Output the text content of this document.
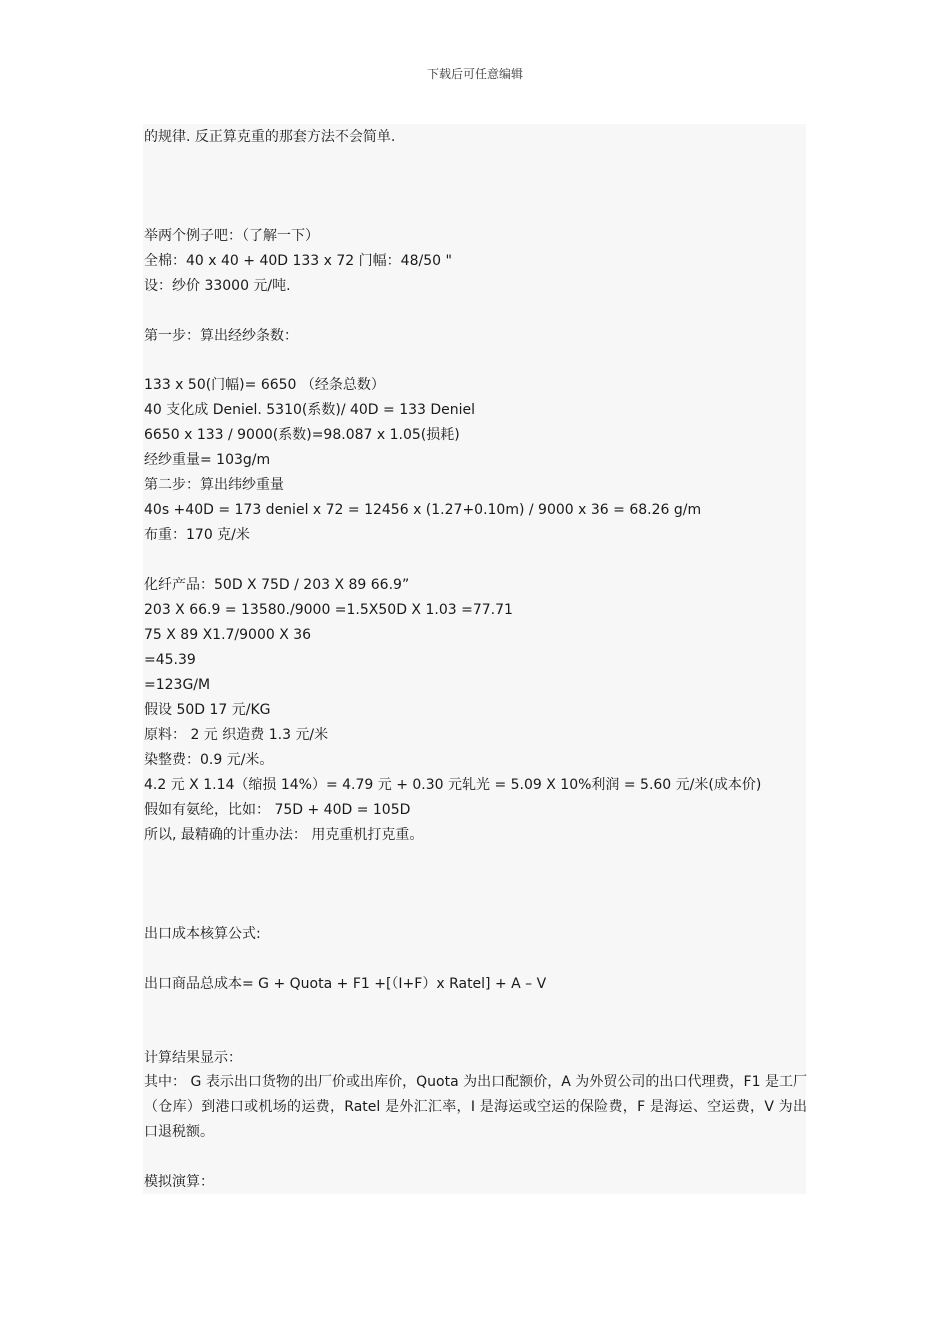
下载后可任意编辑
的规律. 反正算克重的那套方法不会简单.
举两个例子吧：（了解一下）
全棉：40 x 40 + 40D 133 x 72 门幅：48/50 "
设：纱价 33000 元/吨.
第一步：算出经纱条数：
133 x 50(门幅)= 6650 （经条总数）
40 支化成 Deniel. 5310(系数)/ 40D = 133 Deniel
6650 x 133 / 9000(系数)=98.087 x 1.05(损耗)
经纱重量= 103g/m
第二步：算出纬纱重量
40s +40D = 173 deniel x 72 = 12456 x (1.27+0.10m) / 9000 x 36 = 68.26 g/m
布重：170 克/米
化纤产品：50D X 75D / 203 X 89 66.9”
203 X 66.9 = 13580./9000 =1.5X50D X 1.03 =77.71
75 X 89 X1.7/9000 X 36
=45.39
=123G/M
假设 50D 17 元/KG
原料： 2 元 织造费 1.3 元/米
染整费：0.9 元/米。
4.2 元 X 1.14（缩损 14%）= 4.79 元 + 0.30 元轧光 = 5.09 X 10%利润 = 5.60 元/米(成本价)
假如有氨纶，比如： 75D + 40D = 105D
所以, 最精确的计重办法： 用克重机打克重。
出口成本核算公式:
出口商品总成本= G + Quota + F1 +[（I+F）x Ratel] + A – V
计算结果显示：
其中： G 表示出口货物的出厂价或出库价，Quota 为出口配额价，A 为外贸公司的出口代理费，F1 是工厂（仓库）到港口或机场的运费，Ratel 是外汇汇率，I 是海运或空运的保险费，F 是海运、空运费，V 为出口退税额。
模拟演算：
